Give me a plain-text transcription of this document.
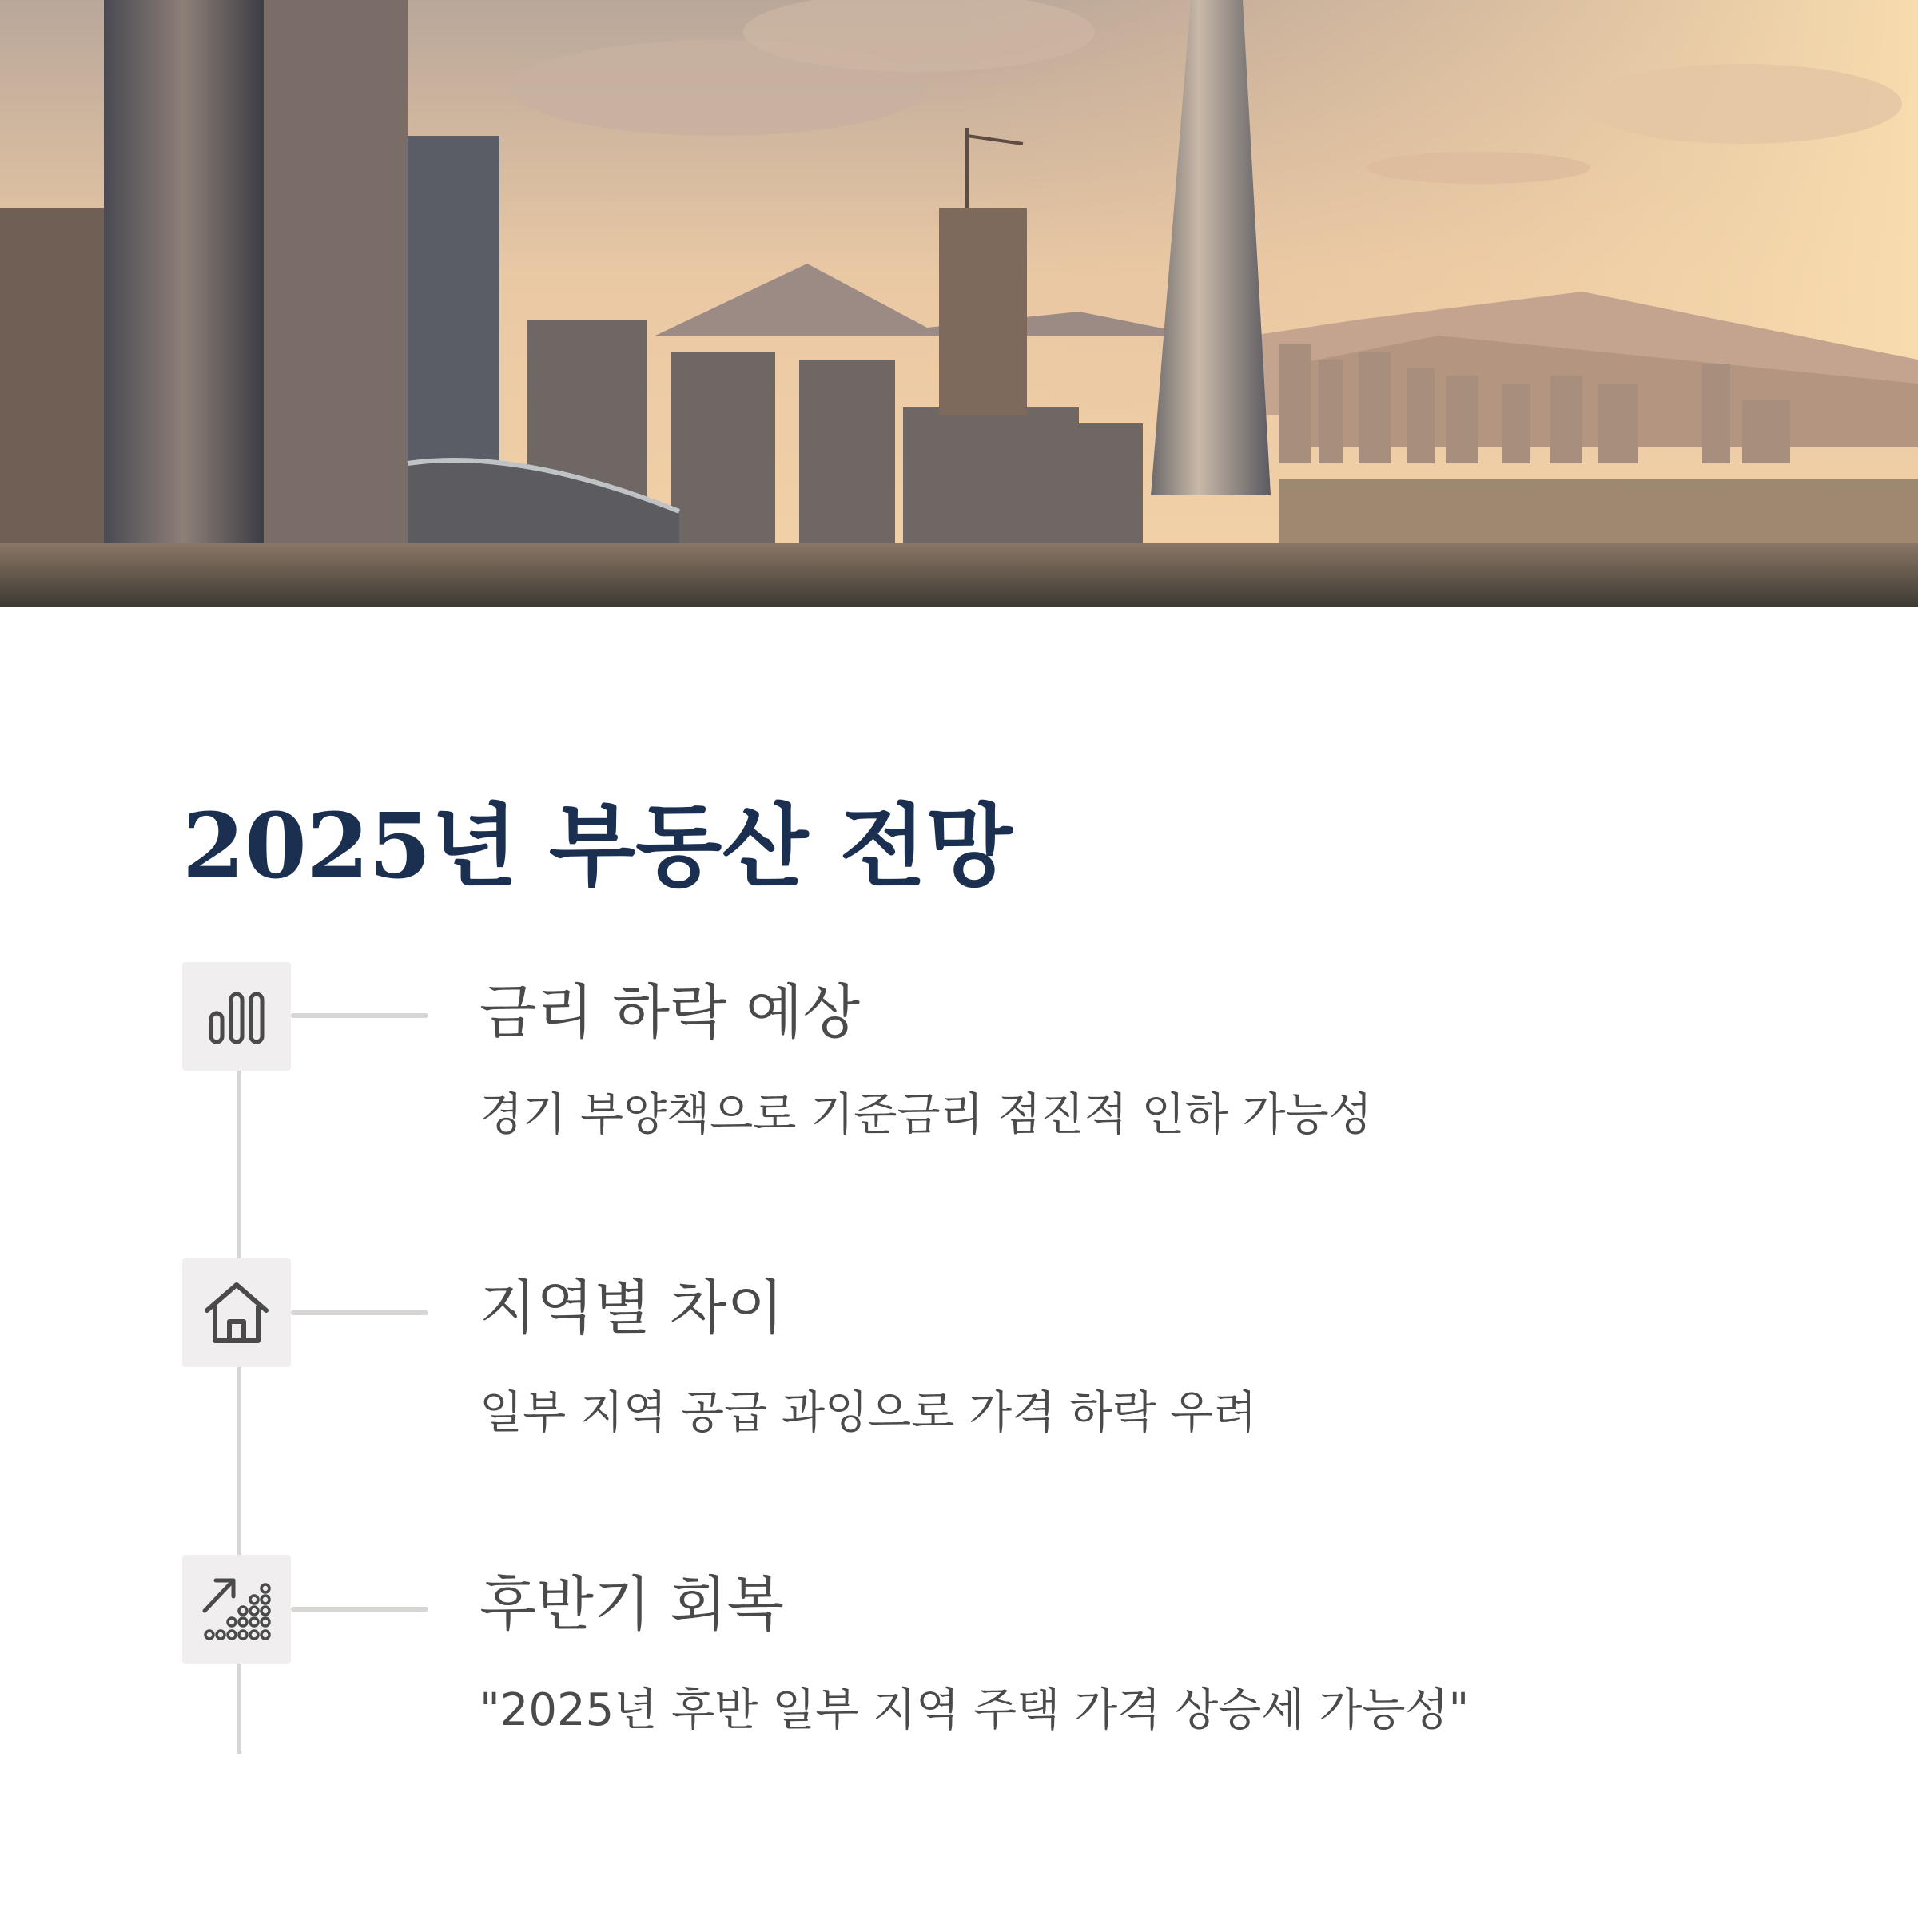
2025년 부동산 전망
금리 하락 예상
경기 부양책으로 기준금리 점진적 인하 가능성
지역별 차이
일부 지역 공급 과잉으로 가격 하락 우려
후반기 회복
"2025년 후반 일부 지역 주택 가격 상승세 가능성"
